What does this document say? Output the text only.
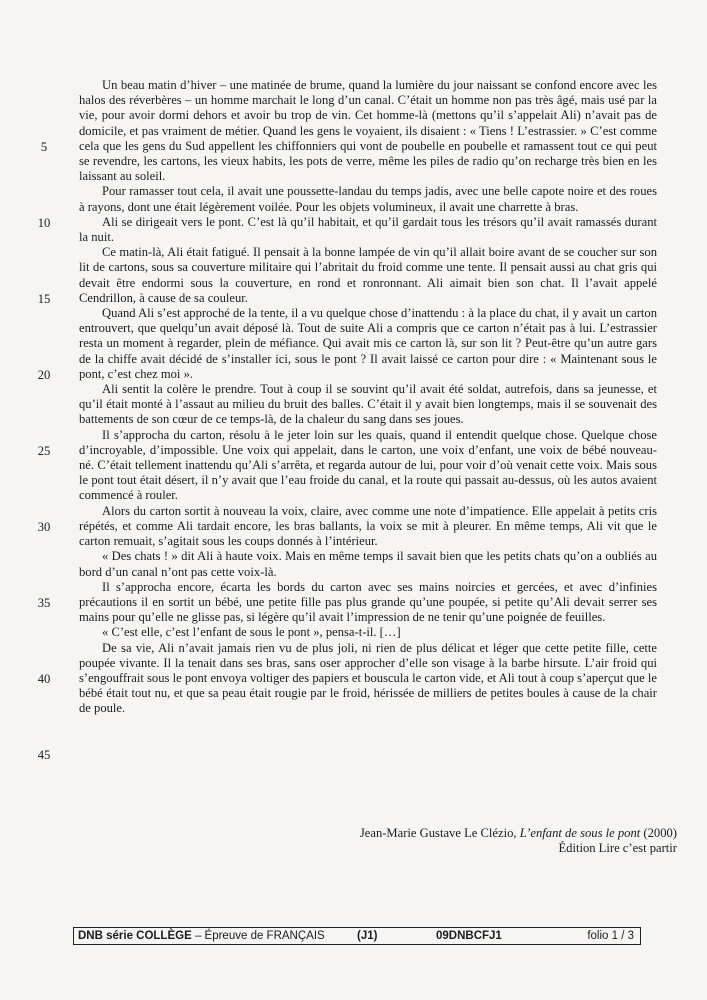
5
10
15
20
25
30
35
40
45

Un beau matin d’hiver – une matinée de brume, quand la lumière du jour naissant se confond encore avec les halos des réverbères – un homme marchait le long d’un canal. C’était un homme non pas très âgé, mais usé par la vie, pour avoir dormi dehors et avoir bu trop de vin. Cet homme-là (mettons qu’il s’appelait Ali) n’avait pas de domicile, et pas vraiment de métier. Quand les gens le voyaient, ils disaient : « Tiens ! L’estrassier. » C’est comme cela que les gens du Sud appellent les chiffonniers qui vont de poubelle en poubelle et ramassent tout ce qui peut se revendre, les cartons, les vieux habits, les pots de verre, même les piles de radio qu’on recharge très bien en les laissant au soleil.

Pour ramasser tout cela, il avait une poussette-landau du temps jadis, avec une belle capote noire et des roues à rayons, dont une était légèrement voilée. Pour les objets volumineux, il avait une charrette à bras.

Ali se dirigeait vers le pont. C’est là qu’il habitait, et qu’il gardait tous les trésors qu’il avait ramassés durant la nuit.

Ce matin-là, Ali était fatigué. Il pensait à la bonne lampée de vin qu’il allait boire avant de se coucher sur son lit de cartons, sous sa couverture militaire qui l’abritait du froid comme une tente. Il pensait aussi au chat gris qui devait être endormi sous la couverture, en rond et ronronnant. Ali aimait bien son chat. Il l’avait appelé Cendrillon, à cause de sa couleur.

Quand Ali s’est approché de la tente, il a vu quelque chose d’inattendu : à la place du chat, il y avait un carton entrouvert, que quelqu’un avait déposé là. Tout de suite Ali a compris que ce carton n’était pas à lui. L’estrassier resta un moment à regarder, plein de méfiance. Qui avait mis ce carton là, sur son lit ? Peut-être qu’un autre gars de la chiffe avait décidé de s’installer ici, sous le pont ? Il avait laissé ce carton pour dire : « Maintenant sous le pont, c’est chez moi ».

Ali sentit la colère le prendre. Tout à coup il se souvint qu’il avait été soldat, autrefois, dans sa jeunesse, et qu’il était monté à l’assaut au milieu du bruit des balles. C’était il y avait bien longtemps, mais il se souvenait des battements de son cœur de ce temps-là, de la chaleur du sang dans ses joues.

Il s’approcha du carton, résolu à le jeter loin sur les quais, quand il entendit quelque chose. Quelque chose d’incroyable, d’impossible. Une voix qui appelait, dans le carton, une voix d’enfant, une voix de bébé nouveau-né. C’était tellement inattendu qu’Ali s’arrêta, et regarda autour de lui, pour voir d’où venait cette voix. Mais sous le pont tout était désert, il n’y avait que l’eau froide du canal, et la route qui passait au-dessus, où les autos avaient commencé à rouler.

Alors du carton sortit à nouveau la voix, claire, avec comme une note d’impatience. Elle appelait à petits cris répétés, et comme Ali tardait encore, les bras ballants, la voix se mit à pleurer. En même temps, Ali vit que le carton remuait, s’agitait sous les coups donnés à l’intérieur.

« Des chats ! » dit Ali à haute voix. Mais en même temps il savait bien que les petits chats qu’on a oubliés au bord d’un canal n’ont pas cette voix-là.

Il s’approcha encore, écarta les bords du carton avec ses mains noircies et gercées, et avec d’infinies précautions il en sortit un bébé, une petite fille pas plus grande qu’une poupée, si petite qu’Ali devait serrer ses mains pour qu’elle ne glisse pas, si légère qu’il avait l’impression de ne tenir qu’une poignée de feuilles.

« C’est elle, c’est l’enfant de sous le pont », pensa-t-il. […]

De sa vie, Ali n’avait jamais rien vu de plus joli, ni rien de plus délicat et léger que cette petite fille, cette poupée vivante. Il la tenait dans ses bras, sans oser approcher d’elle son visage à la barbe hirsute. L’air froid qui s’engouffrait sous le pont envoya voltiger des papiers et bouscula le carton vide, et Ali tout à coup s’aperçut que le bébé était tout nu, et que sa peau était rougie par le froid, hérissée de milliers de petites boules à cause de la chair de poule.

Jean-Marie Gustave Le Clézio, L’enfant de sous le pont (2000)
Édition Lire c’est partir
DNB série COLLÈGE – Épreuve de FRANÇAIS	(J1)	09DNBCFJ1	folio 1 / 3
